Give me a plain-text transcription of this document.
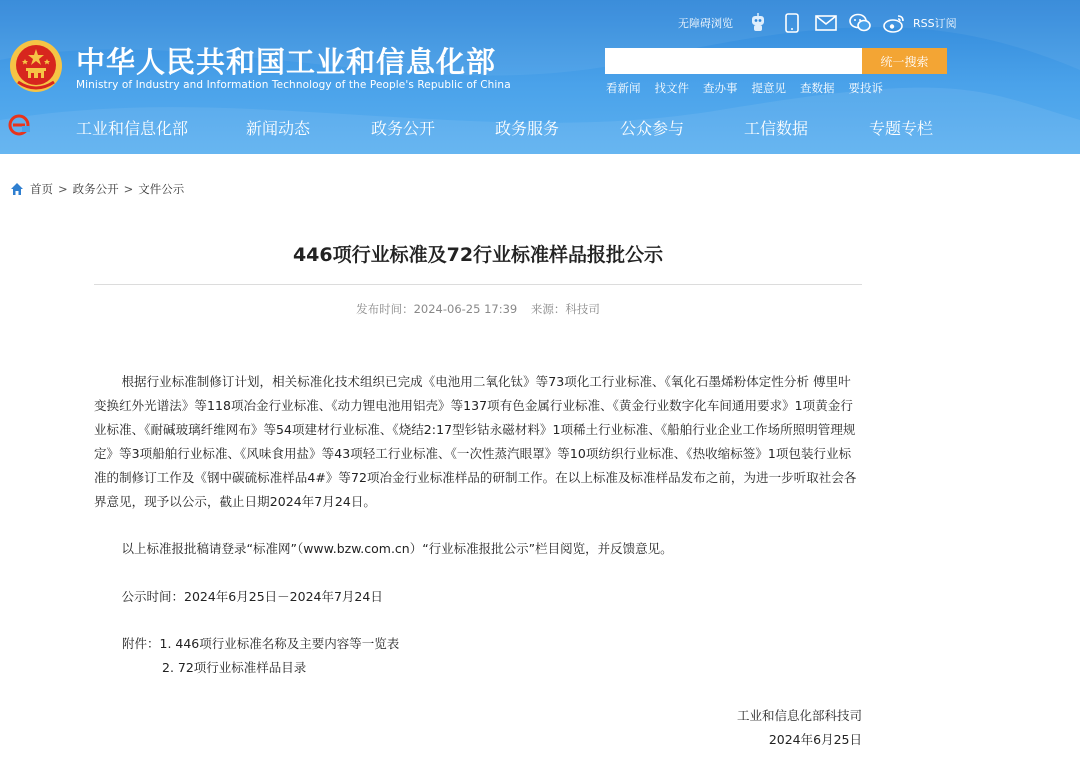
中华人民共和国工业和信息化部
Ministry of Industry and Information Technology of the People's Republic of China
无障碍浏览	RSS订阅
统一搜索
看新闻 找文件 查办事 提意见 查数据 要投诉
工业和信息化部	新闻动态	政务公开	政务服务	公众参与	工信数据	专题专栏
首页 > 政务公开 > 文件公示
446项行业标准及72行业标准样品报批公示
发布时间：2024-06-25 17:39 来源：科技司

根据行业标准制修订计划，相关标准化技术组织已完成《电池用二氧化钛》等73项化工行业标准、《氧化石墨烯粉体定性分析 傅里叶变换红外光谱法》等118项冶金行业标准、《动力锂电池用铝壳》等137项有色金属行业标准、《黄金行业数字化车间通用要求》1项黄金行业标准、《耐碱玻璃纤维网布》等54项建材行业标准、《烧结2:17型钐钴永磁材料》1项稀土行业标准、《船舶行业企业工作场所照明管理规定》等3项船舶行业标准、《风味食用盐》等43项轻工行业标准、《一次性蒸汽眼罩》等10项纺织行业标准、《热收缩标签》1项包装行业标准的制修订工作及《钢中碳硫标准样品4#》等72项冶金行业标准样品的研制工作。在以上标准及标准样品发布之前，为进一步听取社会各界意见，现予以公示，截止日期2024年7月24日。

以上标准报批稿请登录“标准网”（www.bzw.com.cn）“行业标准报批公示”栏目阅览，并反馈意见。

公示时间：2024年6月25日－2024年7月24日

附件：1. 446项行业标准名称及主要内容等一览表
2. 72项行业标准样品目录
工业和信息化部科技司
2024年6月25日
